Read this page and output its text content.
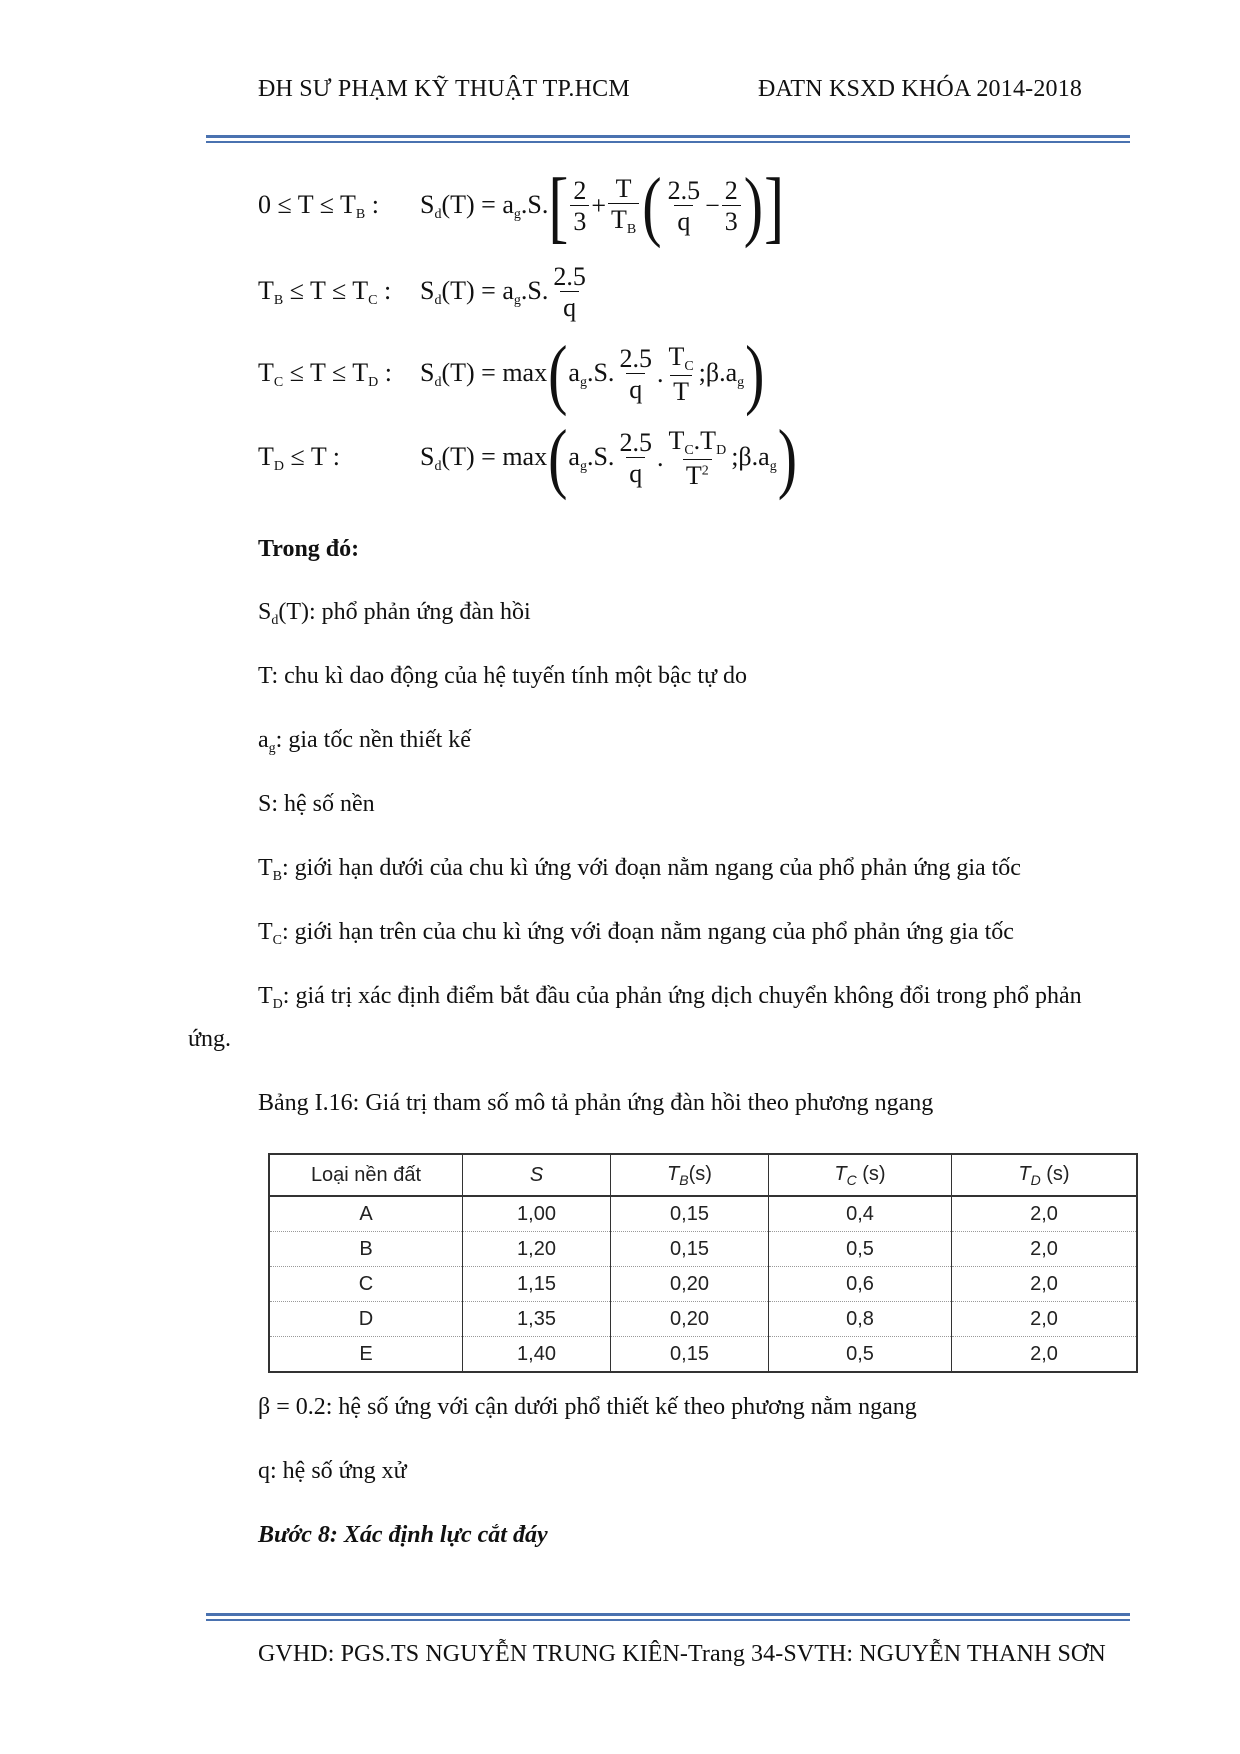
ĐH SƯ PHẠM KỸ THUẬT TP.HCM	ĐATN KSXD KHÓA 2014-2018
$0 \le T \le T_B$ : $S_d(T) = a_g.S$. [ $\frac{2}{3} + \frac{T}{T_B}$ ( $\frac{2.5}{q} - \frac{2}{3}$ ) ]
$T_B \le T \le T_C$ : $S_d(T) = a_g.S$. $\frac{2.5}{q}$
$T_C \le T \le T_D$ : $S_d(T) = \max$ ( $a_g.S$. $\frac{2.5}{q}$ . $\frac{T_C}{T}$ $;\beta.a_g$ )
$T_D \le T$ :	$S_d(T) = \max$ ( $a_g.S$. $\frac{2.5}{q}$ . $\frac{T_C.T_D}{T^2}$ $;\beta.a_g$ )
Trong đó:
$S_d(T)$: phổ phản ứng đàn hồi
T: chu kì dao động của hệ tuyến tính một bậc tự do
$a_g$: gia tốc nền thiết kế
S: hệ số nền
$T_B$: giới hạn dưới của chu kì ứng với đoạn nằm ngang của phổ phản ứng gia tốc
$T_C$: giới hạn trên của chu kì ứng với đoạn nằm ngang của phổ phản ứng gia tốc
$T_D$: giá trị xác định điểm bắt đầu của phản ứng dịch chuyển không đổi trong phổ phản
ứng.
Bảng I.16: Giá trị tham số mô tả phản ứng đàn hồi theo phương ngang
Loại nền đất	S	$T_B(s)$	$T_C$ (s)	$T_D$ (s)
A	1,00	0,15	0,4	2,0
B	1,20	0,15	0,5	2,0
C	1,15	0,20	0,6	2,0
D	1,35	0,20	0,8	2,0
E	1,40	0,15	0,5	2,0
β = 0.2: hệ số ứng với cận dưới phổ thiết kế theo phương nằm ngang
q: hệ số ứng xử
Bước 8: Xác định lực cắt đáy
GVHD: PGS.TS NGUYỄN TRUNG KIÊN-Trang 34-SVTH: NGUYỄN THANH SƠN
